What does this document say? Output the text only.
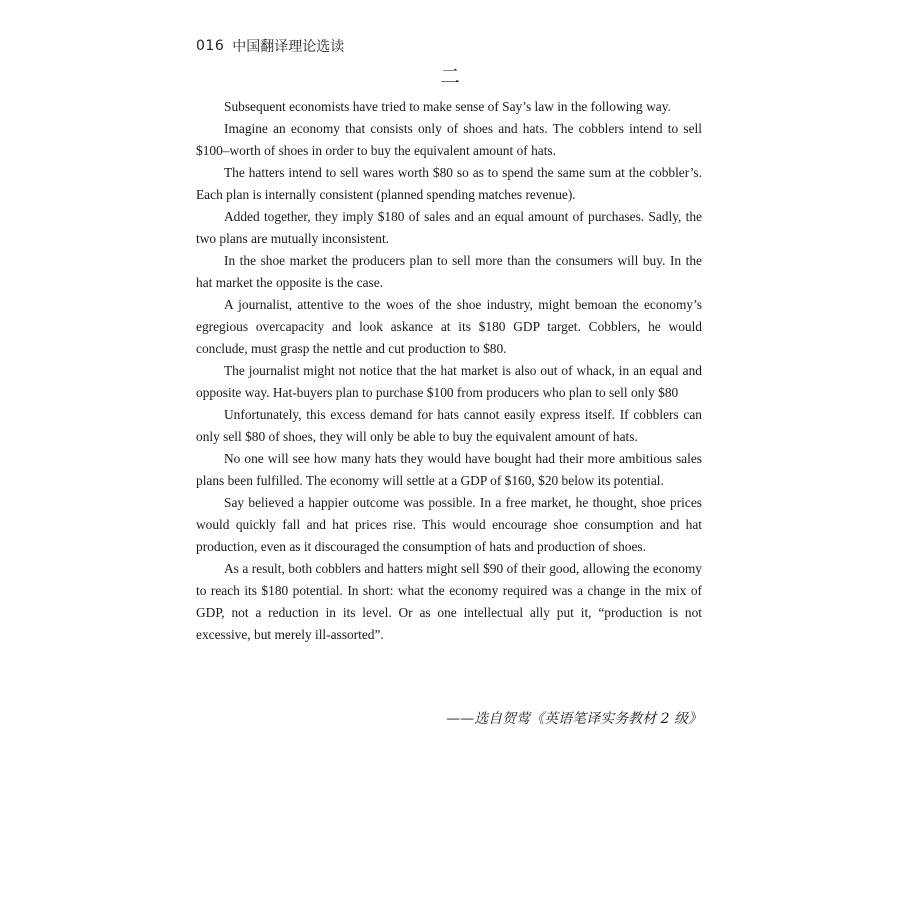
016 中国翻译理论选读
二

Subsequent economists have tried to make sense of Say’s law in the following way.

Imagine an economy that consists only of shoes and hats. The cobblers intend to sell $100–worth of shoes in order to buy the equivalent amount of hats.

The hatters intend to sell wares worth $80 so as to spend the same sum at the cobbler’s. Each plan is internally consistent (planned spending matches revenue).

Added together, they imply $180 of sales and an equal amount of purchases. Sadly, the two plans are mutually inconsistent.

In the shoe market the producers plan to sell more than the consumers will buy. In the hat market the opposite is the case.

A journalist, attentive to the woes of the shoe industry, might bemoan the economy’s egregious overcapacity and look askance at its $180 GDP target. Cobblers, he would conclude, must grasp the nettle and cut production to $80.

The journalist might not notice that the hat market is also out of whack, in an equal and opposite way. Hat-buyers plan to purchase $100 from producers who plan to sell only $80

Unfortunately, this excess demand for hats cannot easily express itself. If cobblers can only sell $80 of shoes, they will only be able to buy the equivalent amount of hats.

No one will see how many hats they would have bought had their more ambitious sales plans been fulfilled. The economy will settle at a GDP of $160, $20 below its potential.

Say believed a happier outcome was possible. In a free market, he thought, shoe prices would quickly fall and hat prices rise. This would encourage shoe consumption and hat production, even as it discouraged the consumption of hats and production of shoes.

As a result, both cobblers and hatters might sell $90 of their good, allowing the economy to reach its $180 potential. In short: what the economy required was a change in the mix of GDP, not a reduction in its level. Or as one intellectual ally put it, “production is not excessive, but merely ill-assorted”.

——选自贺莺《英语笔译实务教材 2 级》
